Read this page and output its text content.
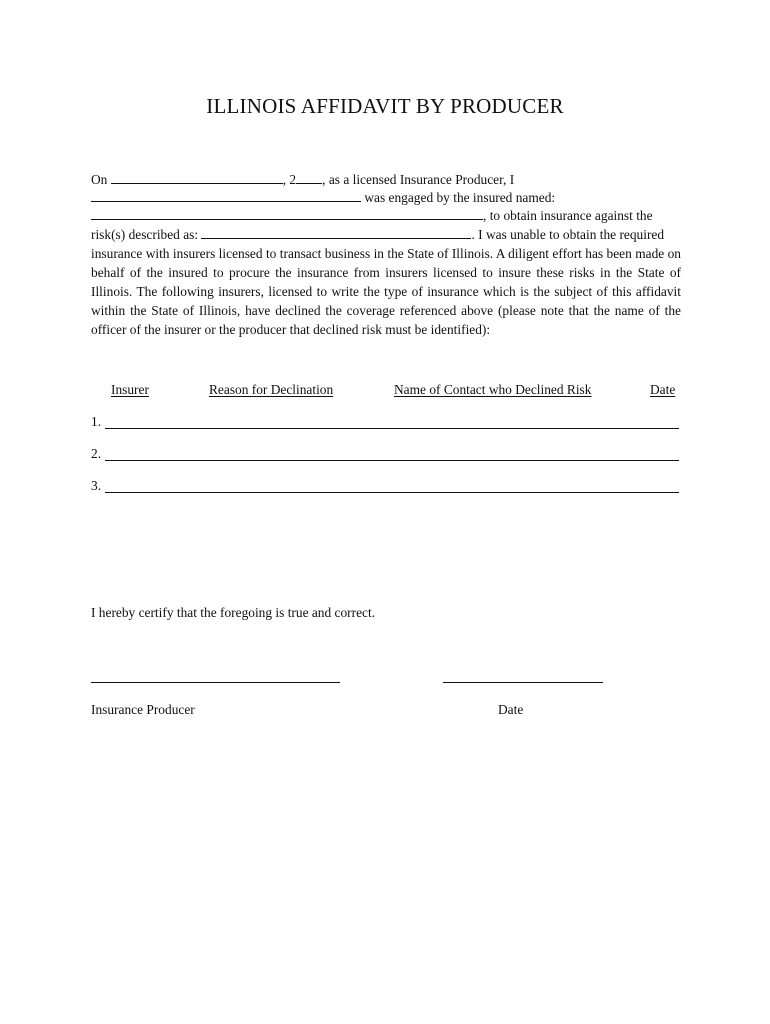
ILLINOIS AFFIDAVIT BY PRODUCER
On	, 2 , as a licensed Insurance Producer, I
was engaged by the insured named:
, to obtain insurance against the
risk(s) described as:	. I was unable to obtain the required
insurance with insurers licensed to transact business in the State of Illinois. A diligent effort has been made on behalf of the insured to procure the insurance from insurers licensed to insure these risks in the State of Illinois. The following insurers, licensed to write the type of insurance which is the subject of this affidavit within the State of Illinois, have declined the coverage referenced above (please note that the name of the officer of the insurer or the producer that declined risk must be identified):
Insurer	Reason for Declination	Name of Contact who Declined Risk	Date
1.
2.
3.
I hereby certify that the foregoing is true and correct.
Insurance Producer	Date
